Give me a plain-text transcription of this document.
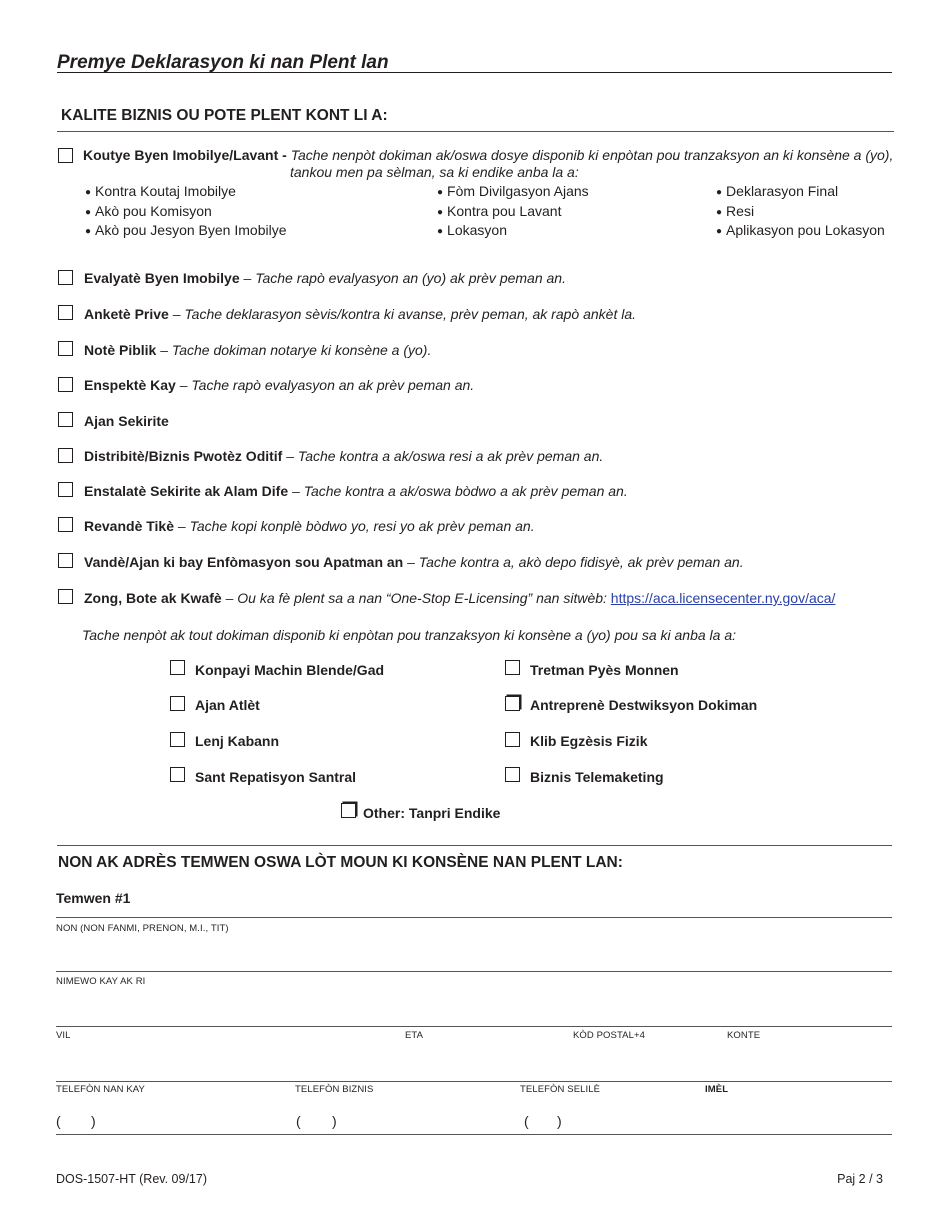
Premye Deklarasyon ki nan Plent lan
KALITE BIZNIS OU POTE PLENT KONT LI A:
Koutye Byen Imobilye/Lavant - Tache nenpòt dokiman ak/oswa dosye disponib ki enpòtan pou tranzaksyon an ki konsène a (yo),
tankou men pa sèlman, sa ki endike anba la a:
● Kontra Koutaj Imobilye
● Akò pou Komisyon
● Akò pou Jesyon Byen Imobilye
● Fòm Divilgasyon Ajans
● Kontra pou Lavant
● Lokasyon
● Deklarasyon Final
● Resi
● Aplikasyon pou Lokasyon
Evalyatè Byen Imobilye – Tache rapò evalyasyon an (yo) ak prèv peman an.
Anketè Prive – Tache deklarasyon sèvis/kontra ki avanse, prèv peman, ak rapò ankèt la.
Notè Piblik – Tache dokiman notarye ki konsène a (yo).
Enspektè Kay – Tache rapò evalyasyon an ak prèv peman an.
Ajan Sekirite
Distribitè/Biznis Pwotèz Oditif – Tache kontra a ak/oswa resi a ak prèv peman an.
Enstalatè Sekirite ak Alam Dife – Tache kontra a ak/oswa bòdwo a ak prèv peman an.
Revandè Tikè – Tache kopi konplè bòdwo yo, resi yo ak prèv peman an.
Vandè/Ajan ki bay Enfòmasyon sou Apatman an – Tache kontra a, akò depo fidisyè, ak prèv peman an.
Zong, Bote ak Kwafè – Ou ka fè plent sa a nan “One-Stop E-Licensing” nan sitwèb: https://aca.licensecenter.ny.gov/aca/
Tache nenpòt ak tout dokiman disponib ki enpòtan pou tranzaksyon ki konsène a (yo) pou sa ki anba la a:
Konpayi Machin Blende/Gad
Ajan Atlèt
Lenj Kabann
Sant Repatisyon Santral
Tretman Pyès Monnen
Antreprenè Destwiksyon Dokiman
Klib Egzèsis Fizik
Biznis Telemaketing
Other: Tanpri Endike
NON AK ADRÈS TEMWEN OSWA LÒT MOUN KI KONSÈNE NAN PLENT LAN:
Temwen #1
NON (NON FANMI, PRENON, M.I., TIT)
NIMEWO KAY AK RI
VIL	ETA	KÒD POSTAL+4	KONTE
TELEFÒN NAN KAY	TELEFÒN BIZNIS	TELEFÒN SELILÈ	IMÈL
( )	( )	( )
DOS-1507-HT (Rev. 09/17)	Paj 2 / 3
